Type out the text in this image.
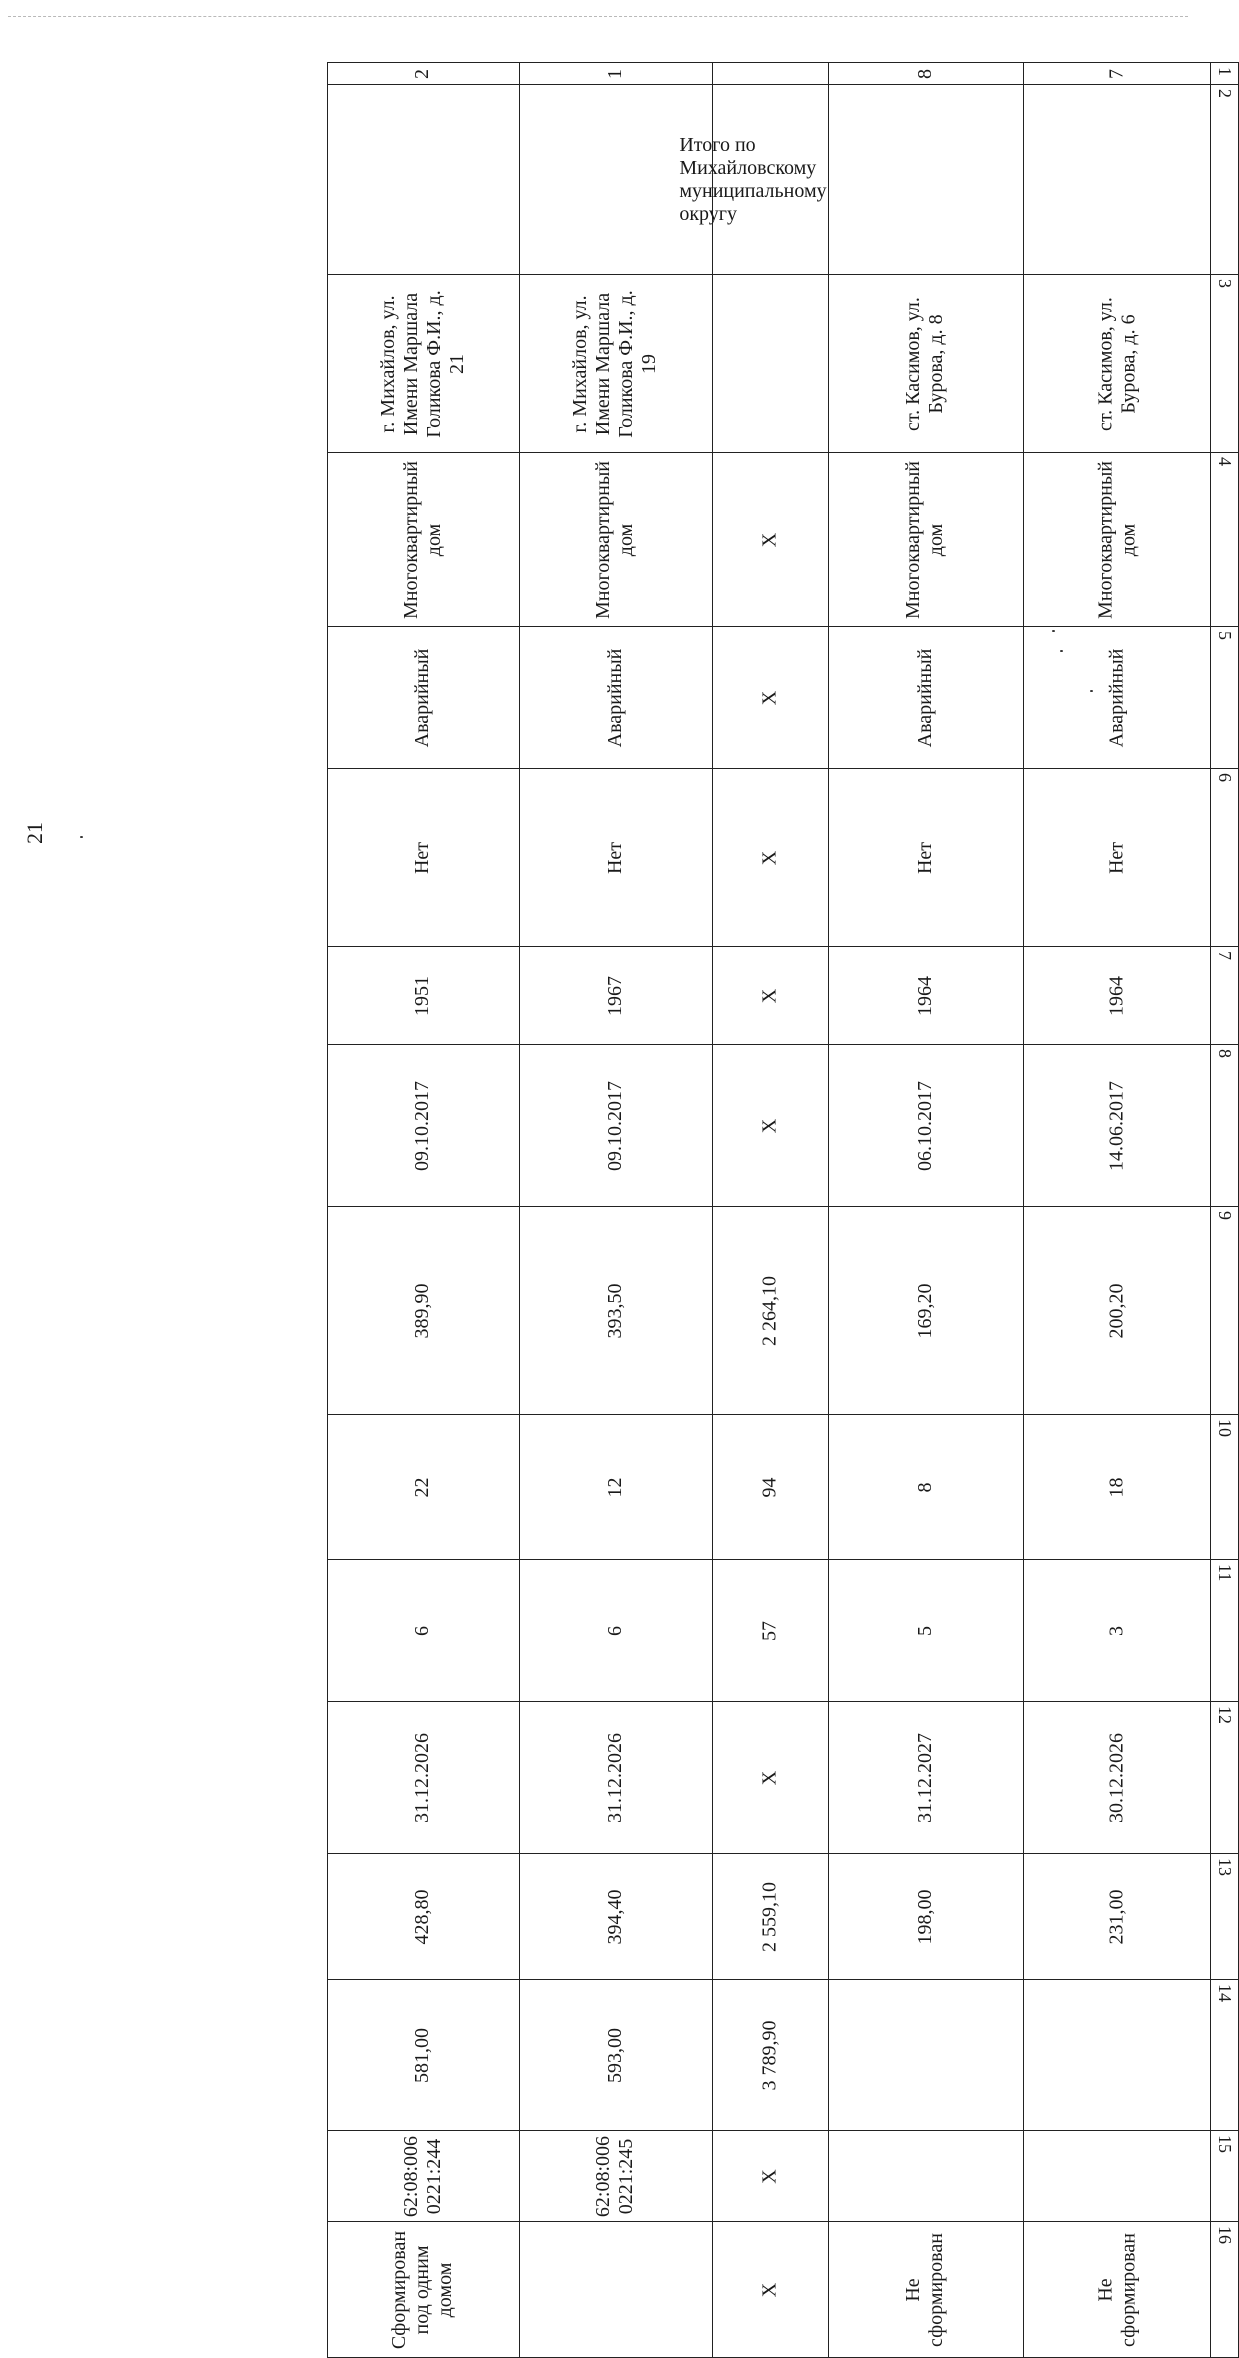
21
1	2	3	4	5	6	7	8	9	10	11	12	13	14	15	16
7		ст. Касимов, ул. Бурова, д. 6	Многоквартирный дом	Аварийный	Нет	1964	14.06.2017	200,20	18	3	30.12.2026	231,00			Не сформирован
8		ст. Касимов, ул. Бурова, д. 8	Многоквартирный дом	Аварийный	Нет	1964	06.10.2017	169,20	8	5	31.12.2027	198,00			Не сформирован
	Итого по Михайловскому муниципальному округу		X	X	X	X	X	2 264,10	94	57	X	2 559,10	3 789,90	X	X
1		г. Михайлов, ул. Имени Маршала Голикова Ф.И., д. 19	Многоквартирный дом	Аварийный	Нет	1967	09.10.2017	393,50	12	6	31.12.2026	394,40	593,00	62:08:0060221:245	
2		г. Михайлов, ул. Имени Маршала Голикова Ф.И., д. 21	Многоквартирный дом	Аварийный	Нет	1951	09.10.2017	389,90	22	6	31.12.2026	428,80	581,00	62:08:0060221:244	Сформирован под одним домом
